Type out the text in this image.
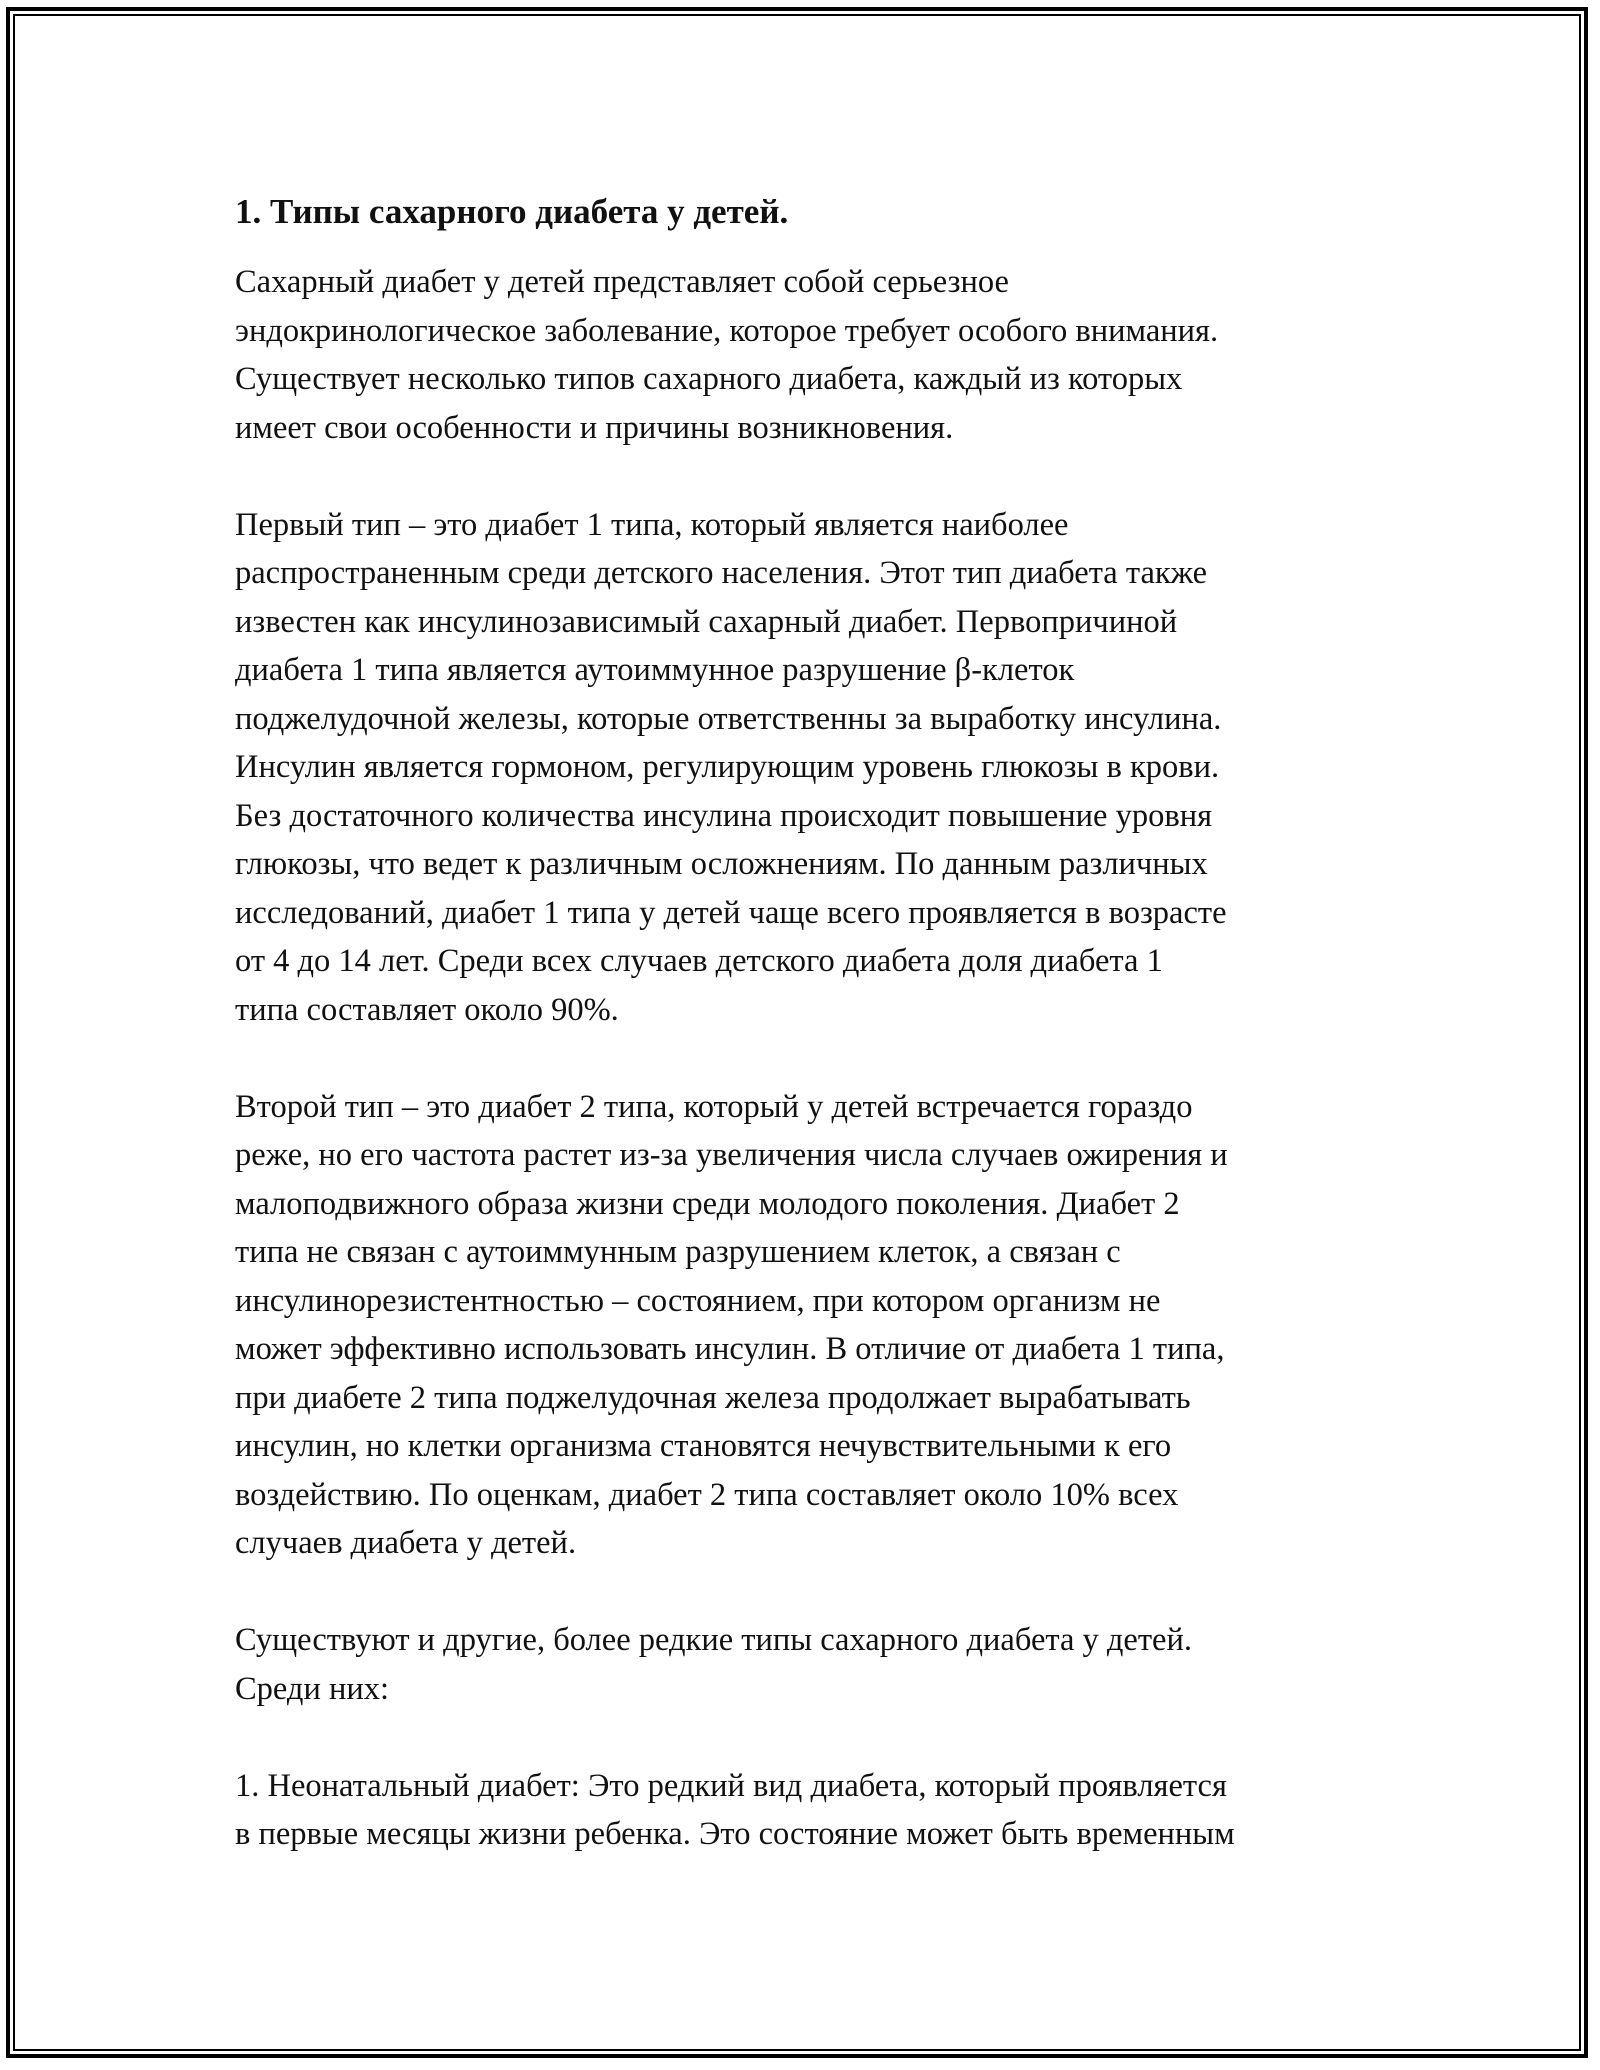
1. Типы сахарного диабета у детей.

Сахарный диабет у детей представляет собой серьезное
эндокринологическое заболевание, которое требует особого внимания.
Существует несколько типов сахарного диабета, каждый из которых
имеет свои особенности и причины возникновения.

Первый тип – это диабет 1 типа, который является наиболее
распространенным среди детского населения. Этот тип диабета также
известен как инсулинозависимый сахарный диабет. Первопричиной
диабета 1 типа является аутоиммунное разрушение β-клеток
поджелудочной железы, которые ответственны за выработку инсулина.
Инсулин является гормоном, регулирующим уровень глюкозы в крови.
Без достаточного количества инсулина происходит повышение уровня
глюкозы, что ведет к различным осложнениям. По данным различных
исследований, диабет 1 типа у детей чаще всего проявляется в возрасте
от 4 до 14 лет. Среди всех случаев детского диабета доля диабета 1
типа составляет около 90%.

Второй тип – это диабет 2 типа, который у детей встречается гораздо
реже, но его частота растет из-за увеличения числа случаев ожирения и
малоподвижного образа жизни среди молодого поколения. Диабет 2
типа не связан с аутоиммунным разрушением клеток, а связан с
инсулинорезистентностью – состоянием, при котором организм не
может эффективно использовать инсулин. В отличие от диабета 1 типа,
при диабете 2 типа поджелудочная железа продолжает вырабатывать
инсулин, но клетки организма становятся нечувствительными к его
воздействию. По оценкам, диабет 2 типа составляет около 10% всех
случаев диабета у детей.

Существуют и другие, более редкие типы сахарного диабета у детей.
Среди них:

1. Неонатальный диабет: Это редкий вид диабета, который проявляется
в первые месяцы жизни ребенка. Это состояние может быть временным
